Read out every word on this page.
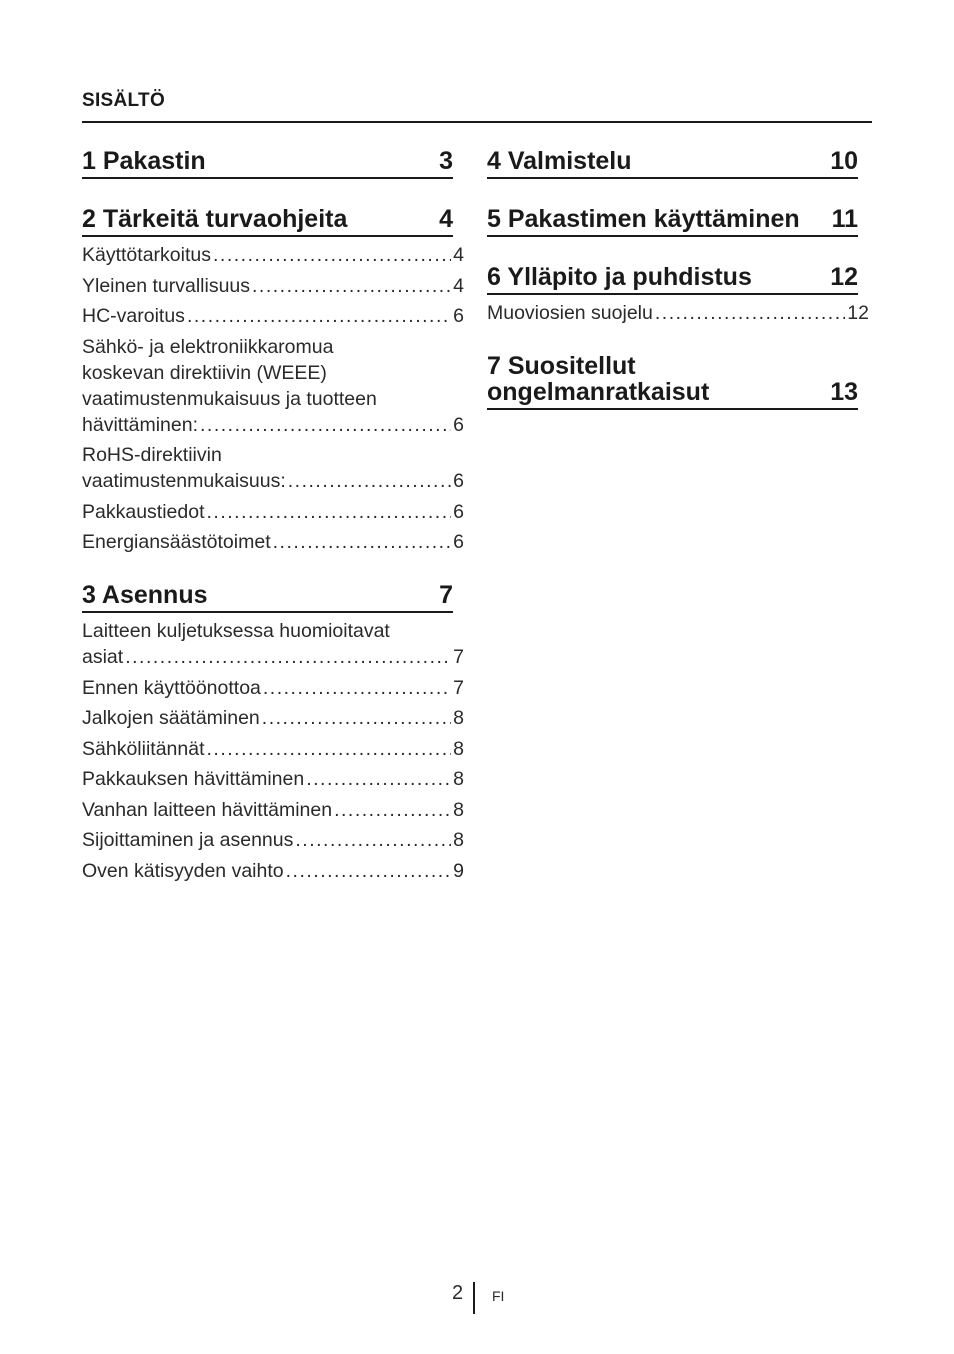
SISÄLTÖ
1 Pakastin	3
2 Tärkeitä turvaohjeita	4
Käyttötarkoitus .....	4
Yleinen turvallisuus .....	4
HC-varoitus .....	6
Sähkö- ja elektroniikkaromua
koskevan direktiivin (WEEE)
vaatimustenmukaisuus ja tuotteen
hävittäminen: .....	6
RoHS-direktiivin
vaatimustenmukaisuus: .....	6
Pakkaustiedot .....	6
Energiansäästötoimet .....	6
3 Asennus	7
Laitteen kuljetuksessa huomioitavat
asiat .....	7
Ennen käyttöönottoa .....	7
Jalkojen säätäminen .....	8
Sähköliitännät .....	8
Pakkauksen hävittäminen .....	8
Vanhan laitteen hävittäminen .....	8
Sijoittaminen ja asennus .....	8
Oven kätisyyden vaihto .....	9
4 Valmistelu	10
5 Pakastimen käyttäminen 11
6 Ylläpito ja puhdistus	12
Muoviosien suojelu .....	12
7 Suositellut
ongelmanratkaisut	13
2 FI
